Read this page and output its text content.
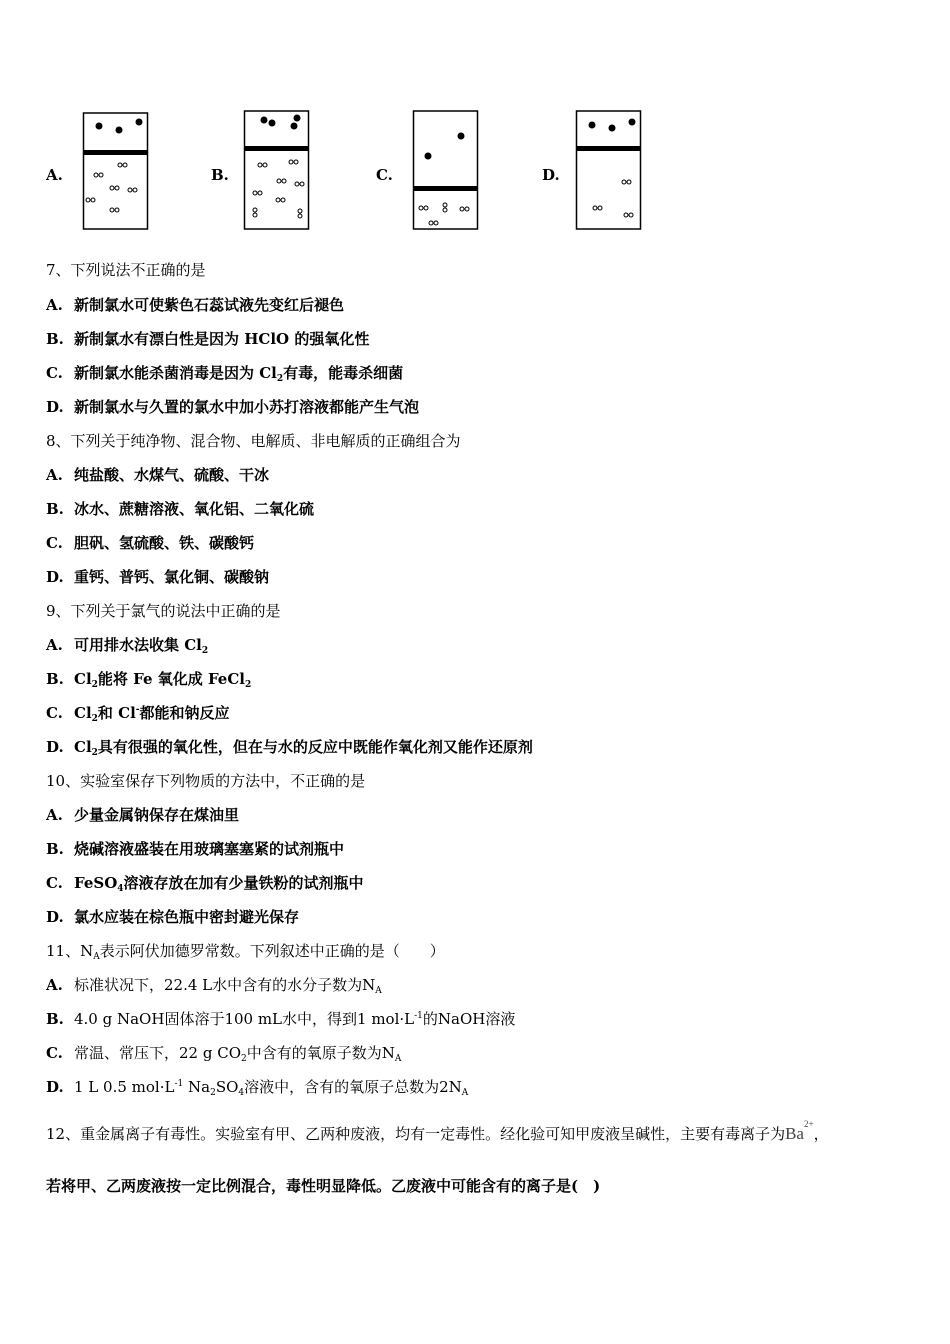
A.	B.	C.	D.
7、下列说法不正确的是
A. 新制氯水可使紫色石蕊试液先变红后褪色
B. 新制氯水有漂白性是因为 HClO 的强氧化性
C. 新制氯水能杀菌消毒是因为 $Cl_2$有毒，能毒杀细菌
D. 新制氯水与久置的氯水中加小苏打溶液都能产生气泡
8、下列关于纯净物、混合物、电解质、非电解质的正确组合为
A. 纯盐酸、水煤气、硫酸、干冰
B. 冰水、蔗糖溶液、氧化铝、二氧化硫
C. 胆矾、氢硫酸、铁、碳酸钙
D. 重钙、普钙、氯化铜、碳酸钠
9、下列关于氯气的说法中正确的是
A. 可用排水法收集 $Cl_2$
B. $Cl_2$能将 Fe 氧化成 FeCl$_2$
C. $Cl_2$和 Cl-都能和钠反应
D. $Cl_2$具有很强的氧化性，但在与水的反应中既能作氧化剂又能作还原剂
10、实验室保存下列物质的方法中，不正确的是
A. 少量金属钠保存在煤油里
B. 烧碱溶液盛装在用玻璃塞塞紧的试剂瓶中
C. FeSO$_4$溶液存放在加有少量铁粉的试剂瓶中
D. 氯水应装在棕色瓶中密封避光保存
11、$N_A$表示阿伏加德罗常数。下列叙述中正确的是（　　）
A. 标准状况下，22.4 L水中含有的水分子数为$N_A$
B. 4.0 g NaOH固体溶于100 mL水中，得到1 $mol\cdot L^{-1}$的NaOH溶液
C. 常温、常压下，22 g $CO_2$中含有的氧原子数为$N_A$
D. 1 L 0.5 $mol\cdot L^{-1}$ $Na_2SO_4$溶液中，含有的氧原子总数为$2N_A$
12、重金属离子有毒性。实验室有甲、乙两种废液，均有一定毒性。经化验可知甲废液呈碱性，主要有毒离子为$Ba^{2+}$，
若将甲、乙两废液按一定比例混合，毒性明显降低。乙废液中可能含有的离子是(　)
